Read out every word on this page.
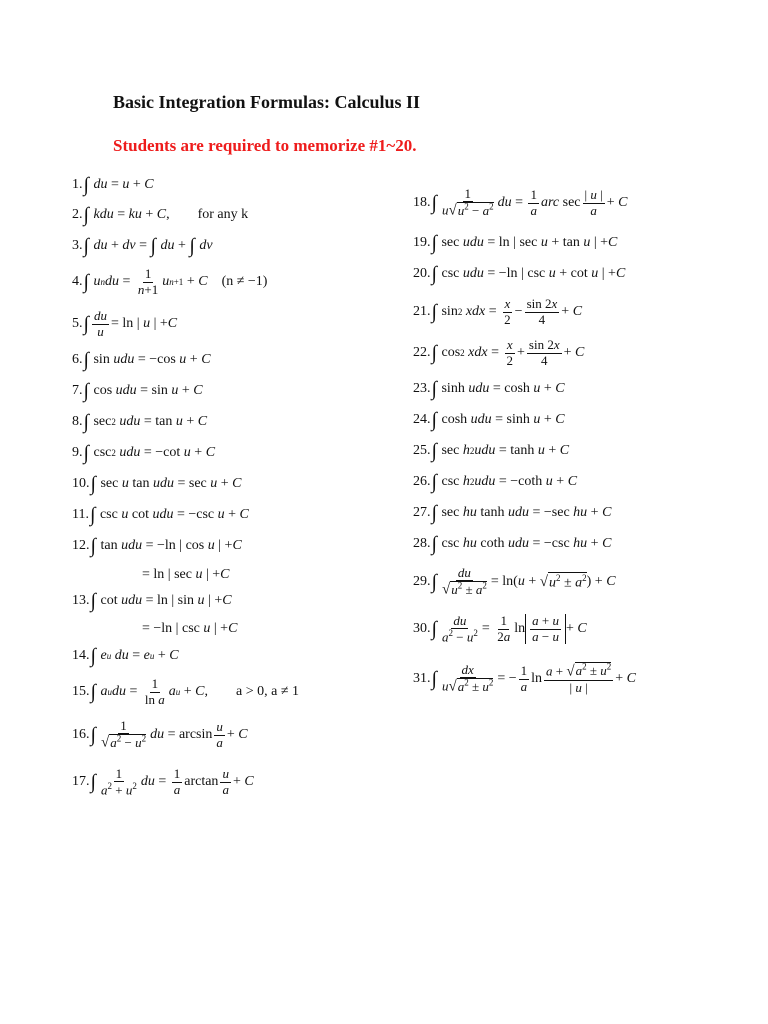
Basic Integration Formulas: Calculus II
Students are required to memorize #1~20.
1. ∫
du = u + C
2. ∫
kdu = ku + C , for any k
3. ∫
du + dv = ∫
du + ∫
dv
4. ∫
u n du = $\frac{1}{n+1}$ u n+1 + C (n ≠ −1)
5. ∫ $\frac{du}{u} = \ln$ | u | + C
6. ∫ sin udu = −cos u + C
7. ∫ cos udu = sin u + C
8. ∫ sec 2
udu = tan u + C
9. ∫ csc 2
udu = −cot u + C
10. ∫ sec u tan udu = sec u + C
11. ∫ csc u cot udu = −csc u + C
12. ∫ tan udu = −ln | cos u | + C
= ln | sec u | + C
13. ∫ cot udu = ln | sin u | + C
= −ln | csc u | + C
14. ∫
e u
du = e u + C
15. ∫
a u du = $\frac{1}{\text{ln a}}$ a u + C , a > 0, a ≠ 1
16. ∫ $\frac{1}{√a^2 - u^2}$ du = $\arcsin \frac{u}{a} + C$
17. ∫ $\frac{1}{a^2 + u^2}$ du = $\frac{1}{a}$ $\arctan \frac{u}{a} + C$
18. ∫ $\frac{1}{u√u^2 - a^2}$ du = $\frac{1}{a}$ arc $\sec \frac{| u |}{a} + C$
19. ∫ sec udu = ln | sec u + tan u | + C
20. ∫ csc udu = −ln | csc u + cot u | + C
21. ∫ sin 2
xdx = $\frac{x}{2} - \frac{\sin 2x}{4} + C$
22. ∫ cos 2
xdx = $\frac{x}{2} + \frac{\sin 2x}{4} + C$
23. ∫ sinh udu = cosh u + C
24. ∫ cosh udu = sinh u + C
25. ∫ sec h 2 udu = tanh u + C
26. ∫ csc h 2 udu = −coth u + C
27. ∫ sec hu tanh udu = −sec hu + C
28. ∫ csc hu coth udu = −csc hu + C
29. ∫ $\frac{du}{√u^2 \pm a^2} = \ln$( u + √ $u^2 \pm a^2$ ) + C
30. ∫ $\frac{du}{a^2 - u^2} = \frac{1}{2a}$ $\ln \frac{a + u}{a - u} + C$
31. ∫ $\frac{dx}{u√a^2 \pm u^2}$ = − $\frac{1}{a}$ $\ln \frac{a + √a^2 \pm u^2}{| u |} + C$
